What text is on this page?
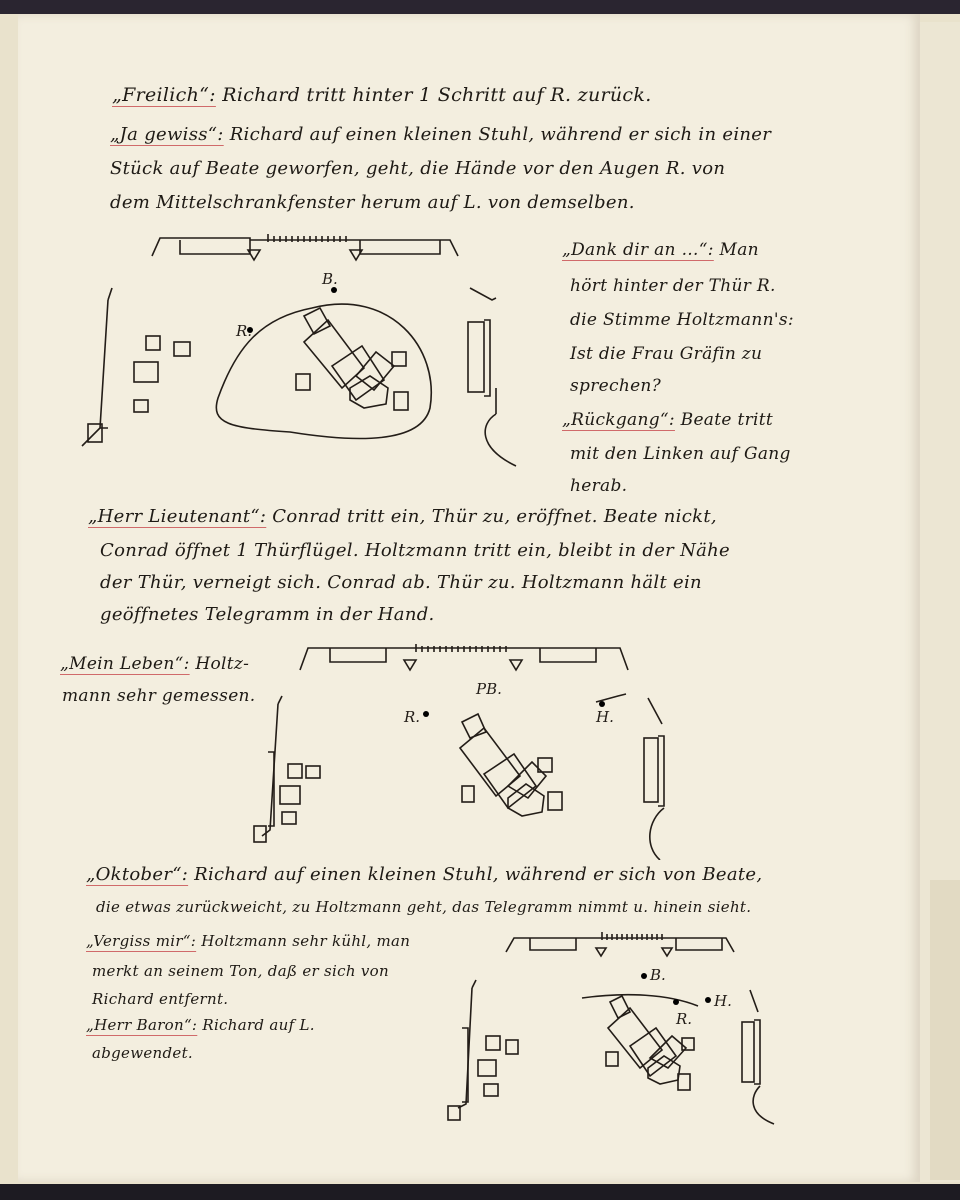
„Freilich“: Richard tritt hinter 1 Schritt auf R. zurück.
„Ja gewiss“: Richard auf einen kleinen Stuhl, während er sich in einer
Stück auf Beate geworfen, geht, die Hände vor den Augen R. von
dem Mittelschrankfenster herum auf L. von demselben.
B.
R.
„Dank dir an …“: Man
hört hinter der Thür R.
die Stimme Holtzmann's:
Ist die Frau Gräfin zu
sprechen?
„Rückgang“: Beate tritt
mit den Linken auf Gang
herab.
„Herr Lieutenant“: Conrad tritt ein, Thür zu, eröffnet. Beate nickt,
Conrad öffnet 1 Thürflügel. Holtzmann tritt ein, bleibt in der Nähe
der Thür, verneigt sich. Conrad ab. Thür zu. Holtzmann hält ein
geöffnetes Telegramm in der Hand.
„Mein Leben“: Holtz-
mann sehr gemessen.	PB.
R.	H.
„Oktober“: Richard auf einen kleinen Stuhl, während er sich von Beate,
die etwas zurückweicht, zu Holtzmann geht, das Telegramm nimmt u. hinein sieht.
„Vergiss mir“: Holtzmann sehr kühl, man
merkt an seinem Ton, daß er sich von
Richard entfernt.
„Herr Baron“: Richard auf L.
abgewendet.
B.
R.
H.
